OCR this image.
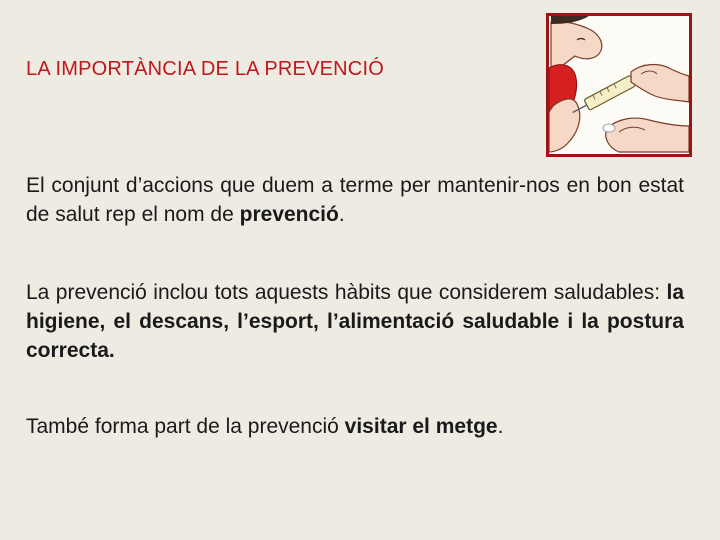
LA IMPORTÀNCIA DE LA PREVENCIÓ

El conjunt d’accions que duem a terme per mantenir-nos en bon estat de salut rep el nom de prevenció.

La prevenció inclou tots aquests hàbits que considerem saludables: la higiene, el descans, l’esport, l’alimentació saludable i la postura correcta.

També forma part de la prevenció visitar el metge.
